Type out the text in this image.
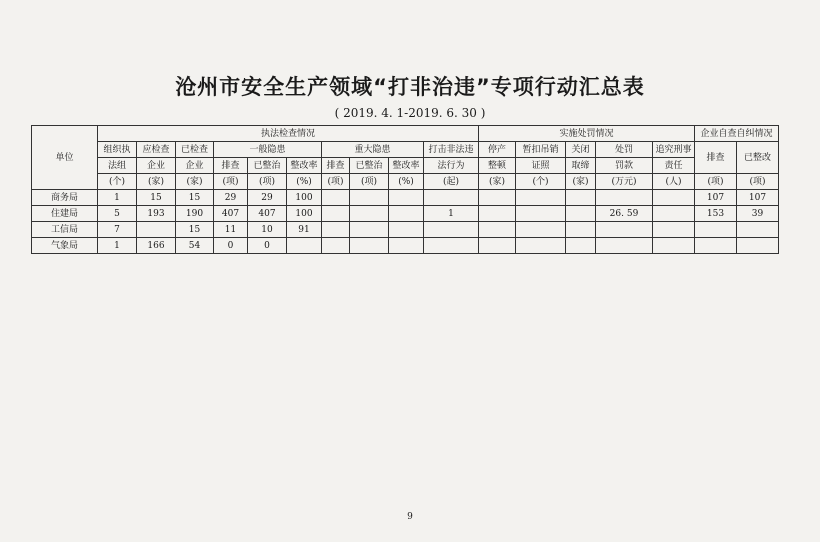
沧州市安全生产领域“打非治违”专项行动汇总表
( 2019. 4. 1-2019. 6. 30 )
单位	执法检查情况										实施处罚情况					企业自查自纠情况	
	组织执	应检查	已检查	一般隐患			重大隐患			打击非法违	停产	暂扣吊销	关闭	处罚	追究刑事	排查	已整改
	法组	企业	企业	排查	已整治	整改率	排查	已整治	整改率	法行为	整顿	证照	取缔	罚款	责任		
	(个)	(家)	(家)	(项)	(项)	(%)	(项)	(项)	(%)	(起)	(家)	(个)	(家)	(万元)	(人)	(项)	(项)
商务局	1	15	15	29	29	100										107	107
住建局	5	193	190	407	407	100				1				26. 59		153	39
工信局	7		15	11	10	91											
气象局	1	166	54	0	0												
9
